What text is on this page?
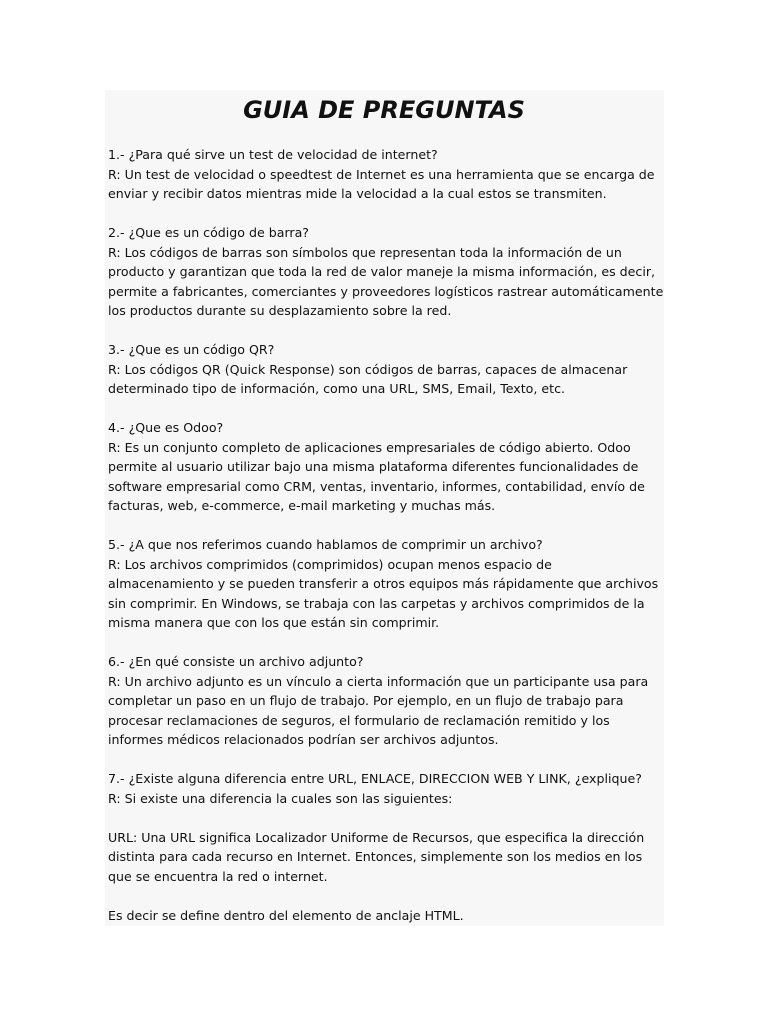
GUIA DE PREGUNTAS

1.- ¿Para qué sirve un test de velocidad de internet?
R: Un test de velocidad o speedtest de Internet es una herramienta que se encarga de
enviar y recibir datos mientras mide la velocidad a la cual estos se transmiten.

2.- ¿Que es un código de barra?
R: Los códigos de barras son símbolos que representan toda la información de un
producto y garantizan que toda la red de valor maneje la misma información, es decir,
permite a fabricantes, comerciantes y proveedores logísticos rastrear automáticamente
los productos durante su desplazamiento sobre la red.

3.- ¿Que es un código QR?
R: Los códigos QR (Quick Response) son códigos de barras, capaces de almacenar
determinado tipo de información, como una URL, SMS, Email, Texto, etc.

4.- ¿Que es Odoo?
R: Es un conjunto completo de aplicaciones empresariales de código abierto. Odoo
permite al usuario utilizar bajo una misma plataforma diferentes funcionalidades de
software empresarial como CRM, ventas, inventario, informes, contabilidad, envío de
facturas, web, e-commerce, e-mail marketing y muchas más.

5.- ¿A que nos referimos cuando hablamos de comprimir un archivo?
R: Los archivos comprimidos (comprimidos) ocupan menos espacio de
almacenamiento y se pueden transferir a otros equipos más rápidamente que archivos
sin comprimir. En Windows, se trabaja con las carpetas y archivos comprimidos de la
misma manera que con los que están sin comprimir.

6.- ¿En qué consiste un archivo adjunto?
R: Un archivo adjunto es un vínculo a cierta información que un participante usa para
completar un paso en un flujo de trabajo. Por ejemplo, en un flujo de trabajo para
procesar reclamaciones de seguros, el formulario de reclamación remitido y los
informes médicos relacionados podrían ser archivos adjuntos.

7.- ¿Existe alguna diferencia entre URL, ENLACE, DIRECCION WEB Y LINK, ¿explique?
R: Si existe una diferencia la cuales son las siguientes:

URL: Una URL significa Localizador Uniforme de Recursos, que especifica la dirección
distinta para cada recurso en Internet. Entonces, simplemente son los medios en los
que se encuentra la red o internet.

Es decir se define dentro del elemento de anclaje HTML.
